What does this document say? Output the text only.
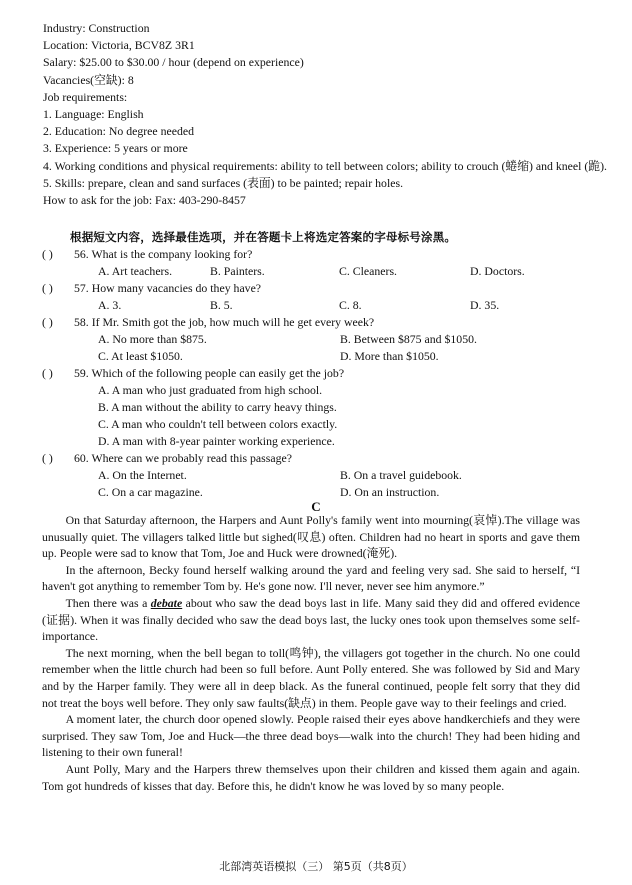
Industry: Construction
Location: Victoria, BCV8Z 3R1
Salary: $25.00 to $30.00 / hour (depend on experience)
Vacancies(空缺): 8
Job requirements:
1. Language: English
2. Education: No degree needed
3. Experience: 5 years or more
4. Working conditions and physical requirements: ability to tell between colors; ability to crouch (蜷缩) and kneel (跪).
5. Skills: prepare, clean and sand surfaces (表面) to be painted; repair holes.
How to ask for the job: Fax: 403-290-8457
根据短文内容，选择最佳选项，并在答题卡上将选定答案的字母标号涂黑。
( ) 56. What is the company looking for?
A. Art teachers.	B. Painters.	C. Cleaners.	D. Doctors.
( ) 57. How many vacancies do they have?
A. 3.	B. 5.	C. 8.	D. 35.
( ) 58. If Mr. Smith got the job, how much will he get every week?
A. No more than $875.	B. Between $875 and $1050.
C. At least $1050.	D. More than $1050.
( ) 59. Which of the following people can easily get the job?
A. A man who just graduated from high school.
B. A man without the ability to carry heavy things.
C. A man who couldn't tell between colors exactly.
D. A man with 8-year painter working experience.
( ) 60. Where can we probably read this passage?
A. On the Internet.	B. On a travel guidebook.
C. On a car magazine.	D. On an instruction.
C

On that Saturday afternoon, the Harpers and Aunt Polly's family went into mourning(哀悼).The village was unusually quiet. The villagers talked little but sighed(叹息) often. Children had no heart in sports and gave them up. People were sad to know that Tom, Joe and Huck were drowned(淹死).

In the afternoon, Becky found herself walking around the yard and feeling very sad. She said to herself, “I haven't got anything to remember Tom by. He's gone now. I'll never, never see him anymore.”

Then there was a debate about who saw the dead boys last in life. Many said they did and offered evidence (证据). When it was finally decided who saw the dead boys last, the lucky ones took upon themselves some self-importance.

The next morning, when the bell began to toll(鸣钟), the villagers got together in the church. No one could remember when the little church had been so full before. Aunt Polly entered. She was followed by Sid and Mary and by the Harper family. They were all in deep black. As the funeral continued, people felt sorry that they did not treat the boys well before. They only saw faults(缺点) in them. People gave way to their feelings and cried.

A moment later, the church door opened slowly. People raised their eyes above handkerchiefs and they were surprised. They saw Tom, Joe and Huck—the three dead boys—walk into the church! They had been hiding and listening to their own funeral!

Aunt Polly, Mary and the Harpers threw themselves upon their children and kissed them again and again. Tom got hundreds of kisses that day. Before this, he didn't know he was loved by so many people.

北部湾英语模拟（三） 第5页（共8页）
